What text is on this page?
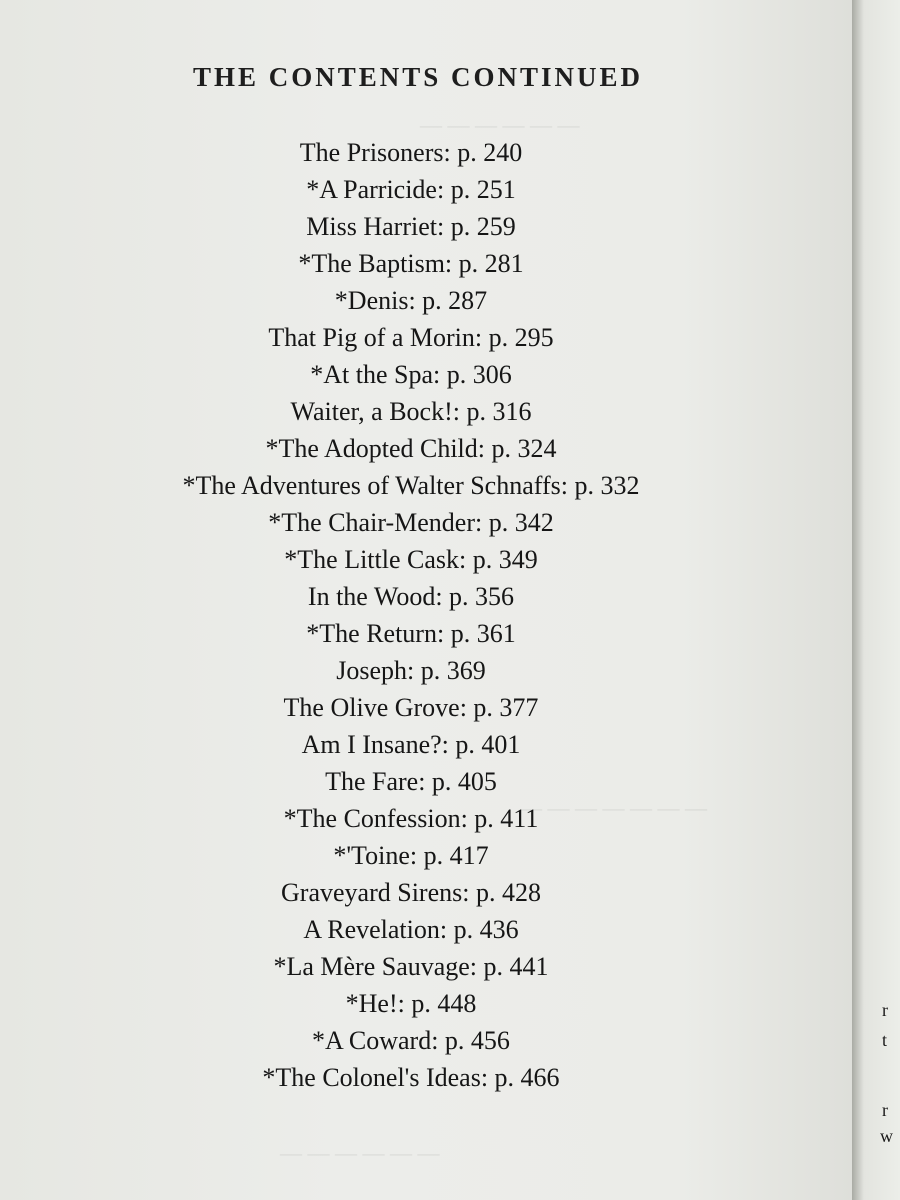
— — — — — —
— — — — — — —
— — — — — —
THE CONTENTS CONTINUED
The Prisoners: p. 240
*A Parricide: p. 251
Miss Harriet: p. 259
*The Baptism: p. 281
*Denis: p. 287
That Pig of a Morin: p. 295
*At the Spa: p. 306
Waiter, a Bock!: p. 316
*The Adopted Child: p. 324
*The Adventures of Walter Schnaffs: p. 332
*The Chair-Mender: p. 342
*The Little Cask: p. 349
In the Wood: p. 356
*The Return: p. 361
Joseph: p. 369
The Olive Grove: p. 377
Am I Insane?: p. 401
The Fare: p. 405
*The Confession: p. 411
*'Toine: p. 417
Graveyard Sirens: p. 428
A Revelation: p. 436
*La Mère Sauvage: p. 441
*He!: p. 448
*A Coward: p. 456
*The Colonel's Ideas: p. 466
r
t
r
w
